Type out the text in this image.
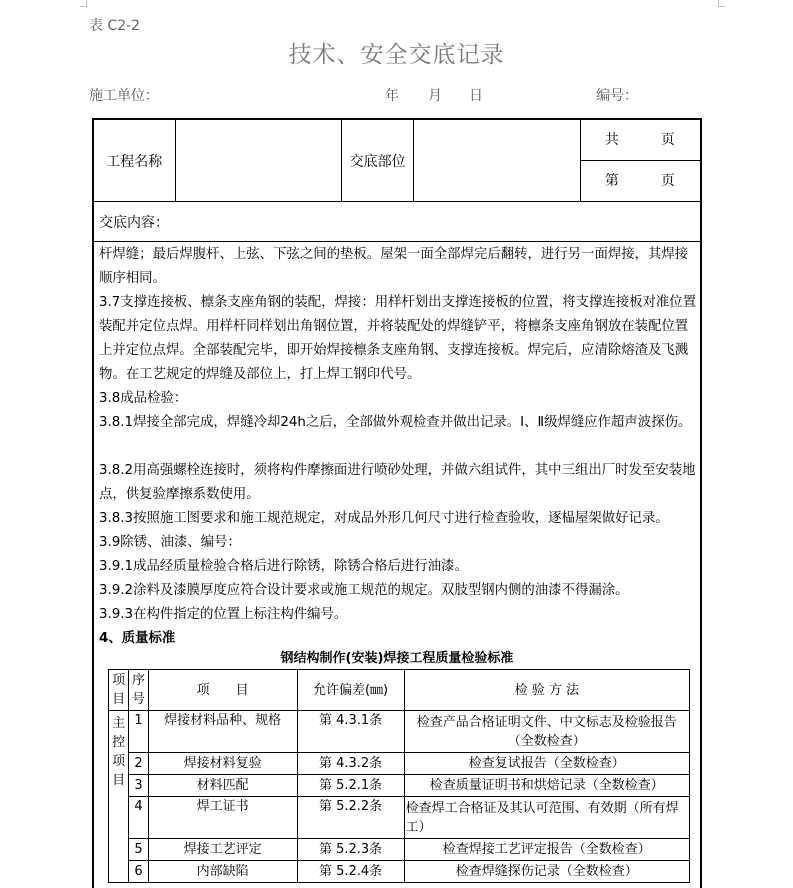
表 C2-2
技术、安全交底记录
施工单位：	年 月 日	编号：
工程名称		交底部位		
共	页
第	页
交底内容：

杆焊缝；最后焊腹杆、上弦、下弦之间的垫板。屋架一面全部焊完后翻转，进行另一面焊接，其焊接顺序相同。

3.7支撑连接板、檩条支座角钢的装配，焊接：用样杆划出支撑连接板的位置，将支撑连接板对准位置装配并定位点焊。用样杆同样划出角钢位置，并将装配处的焊缝铲平，将檩条支座角钢放在装配位置上并定位点焊。全部装配完毕，即开始焊接檩条支座角钢、支撑连接板。焊完后，应清除熔渣及飞溅物。在工艺规定的焊缝及部位上，打上焊工钢印代号。

3.8成品检验：

3.8.1焊接全部完成，焊缝冷却24h之后，全部做外观检查并做出记录。Ⅰ、Ⅱ级焊缝应作超声波探伤。

3.8.2用高强螺栓连接时，须将构件摩擦面进行喷砂处理，并做六组试件，其中三组出厂时发至安装地点，供复验摩擦系数使用。

3.8.3按照施工图要求和施工规范规定，对成品外形几何尺寸进行检查验收，逐榀屋架做好记录。

3.9除锈、油漆、编号：

3.9.1成品经质量检验合格后进行除锈，除锈合格后进行油漆。

3.9.2涂料及漆膜厚度应符合设计要求或施工规范的规定。双肢型钢内侧的油漆不得漏涂。

3.9.3在构件指定的位置上标注构件编号。

4、质量标准

钢结构制作(安装)焊接工程质量检验标准
项目	序号	项　　目	允许偏差(㎜)	检 验 方 法
主控项目	1	焊接材料品种、规格	第 4.3.1条	检查产品合格证明文件、中文标志及检验报告（全数检查）
	2	焊接材料复验	第 4.3.2条	检查复试报告（全数检查）
	3	材料匹配	第 5.2.1条	检查质量证明书和烘焙记录（全数检查）
	4	焊工证书	第 5.2.2条	检查焊工合格证及其认可范围、有效期（所有焊工）
	5	焊接工艺评定	第 5.2.3条	检查焊接工艺评定报告（全数检查）
	6	内部缺陷	第 5.2.4条	检查焊缝探伤记录（全数检查）
